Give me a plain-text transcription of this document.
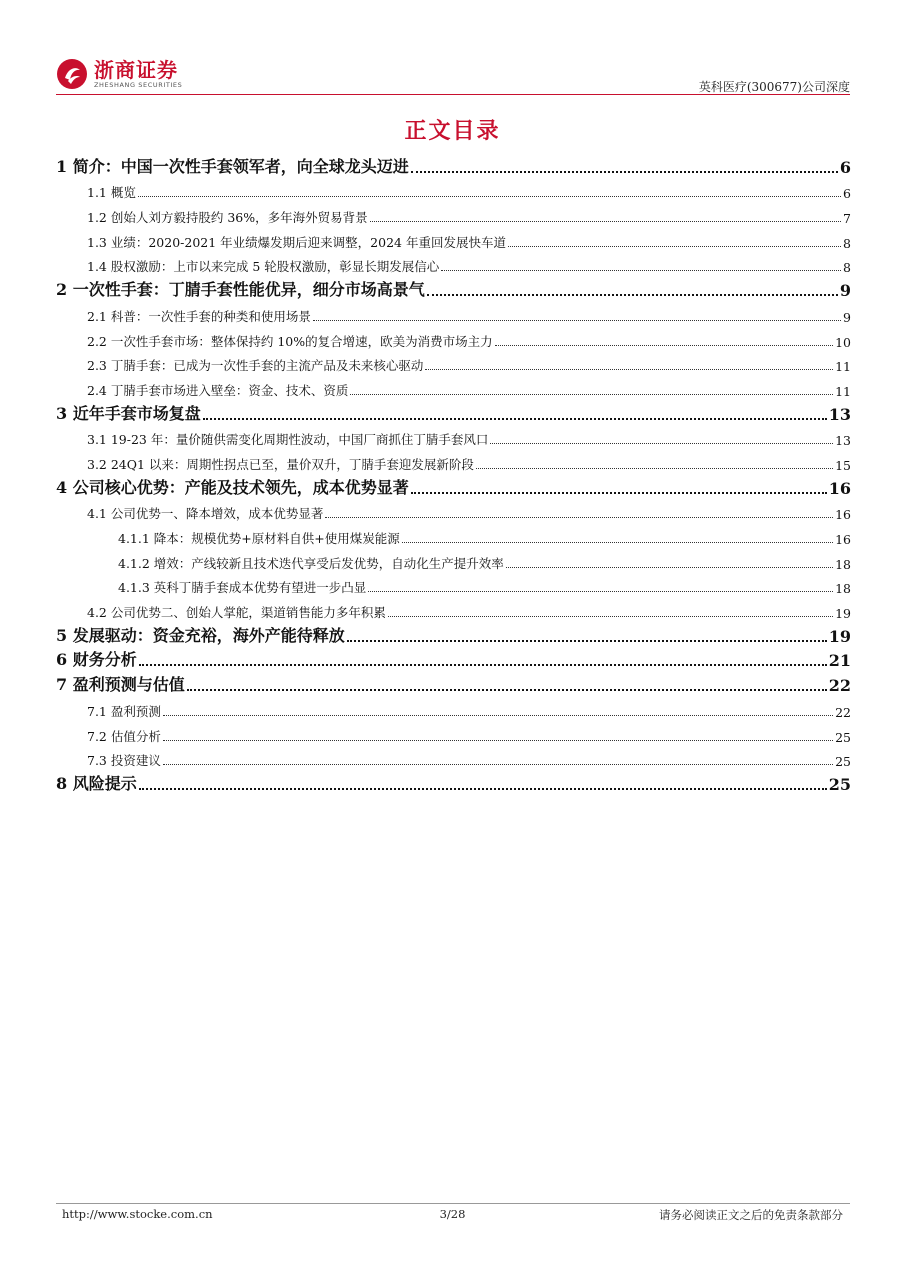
浙商证券
ZHESHANG SECURITIES	英科医疗(300677)公司深度
正文目录
1 简介：中国一次性手套领军者，向全球龙头迈进	6
1.1 概览	6
1.2 创始人刘方毅持股约 36%，多年海外贸易背景	7
1.3 业绩：2020-2021 年业绩爆发期后迎来调整，2024 年重回发展快车道	8
1.4 股权激励：上市以来完成 5 轮股权激励，彰显长期发展信心	8
2 一次性手套：丁腈手套性能优异，细分市场高景气	9
2.1 科普：一次性手套的种类和使用场景	9
2.2 一次性手套市场：整体保持约 10%的复合增速，欧美为消费市场主力	10
2.3 丁腈手套：已成为一次性手套的主流产品及未来核心驱动	11
2.4 丁腈手套市场进入壁垒：资金、技术、资质	11
3 近年手套市场复盘	13
3.1 19-23 年：量价随供需变化周期性波动，中国厂商抓住丁腈手套风口	13
3.2 24Q1 以来：周期性拐点已至，量价双升，丁腈手套迎发展新阶段	15
4 公司核心优势：产能及技术领先，成本优势显著	16
4.1 公司优势一、降本增效，成本优势显著	16
4.1.1 降本：规模优势+原材料自供+使用煤炭能源	16
4.1.2 增效：产线较新且技术迭代享受后发优势，自动化生产提升效率	18
4.1.3 英科丁腈手套成本优势有望进一步凸显	18
4.2 公司优势二、创始人掌舵，渠道销售能力多年积累	19
5 发展驱动：资金充裕，海外产能待释放	19
6 财务分析	21
7 盈利预测与估值	22
7.1 盈利预测	22
7.2 估值分析	25
7.3 投资建议	25
8 风险提示	25
http://www.stocke.com.cn	3/28	请务必阅读正文之后的免责条款部分
